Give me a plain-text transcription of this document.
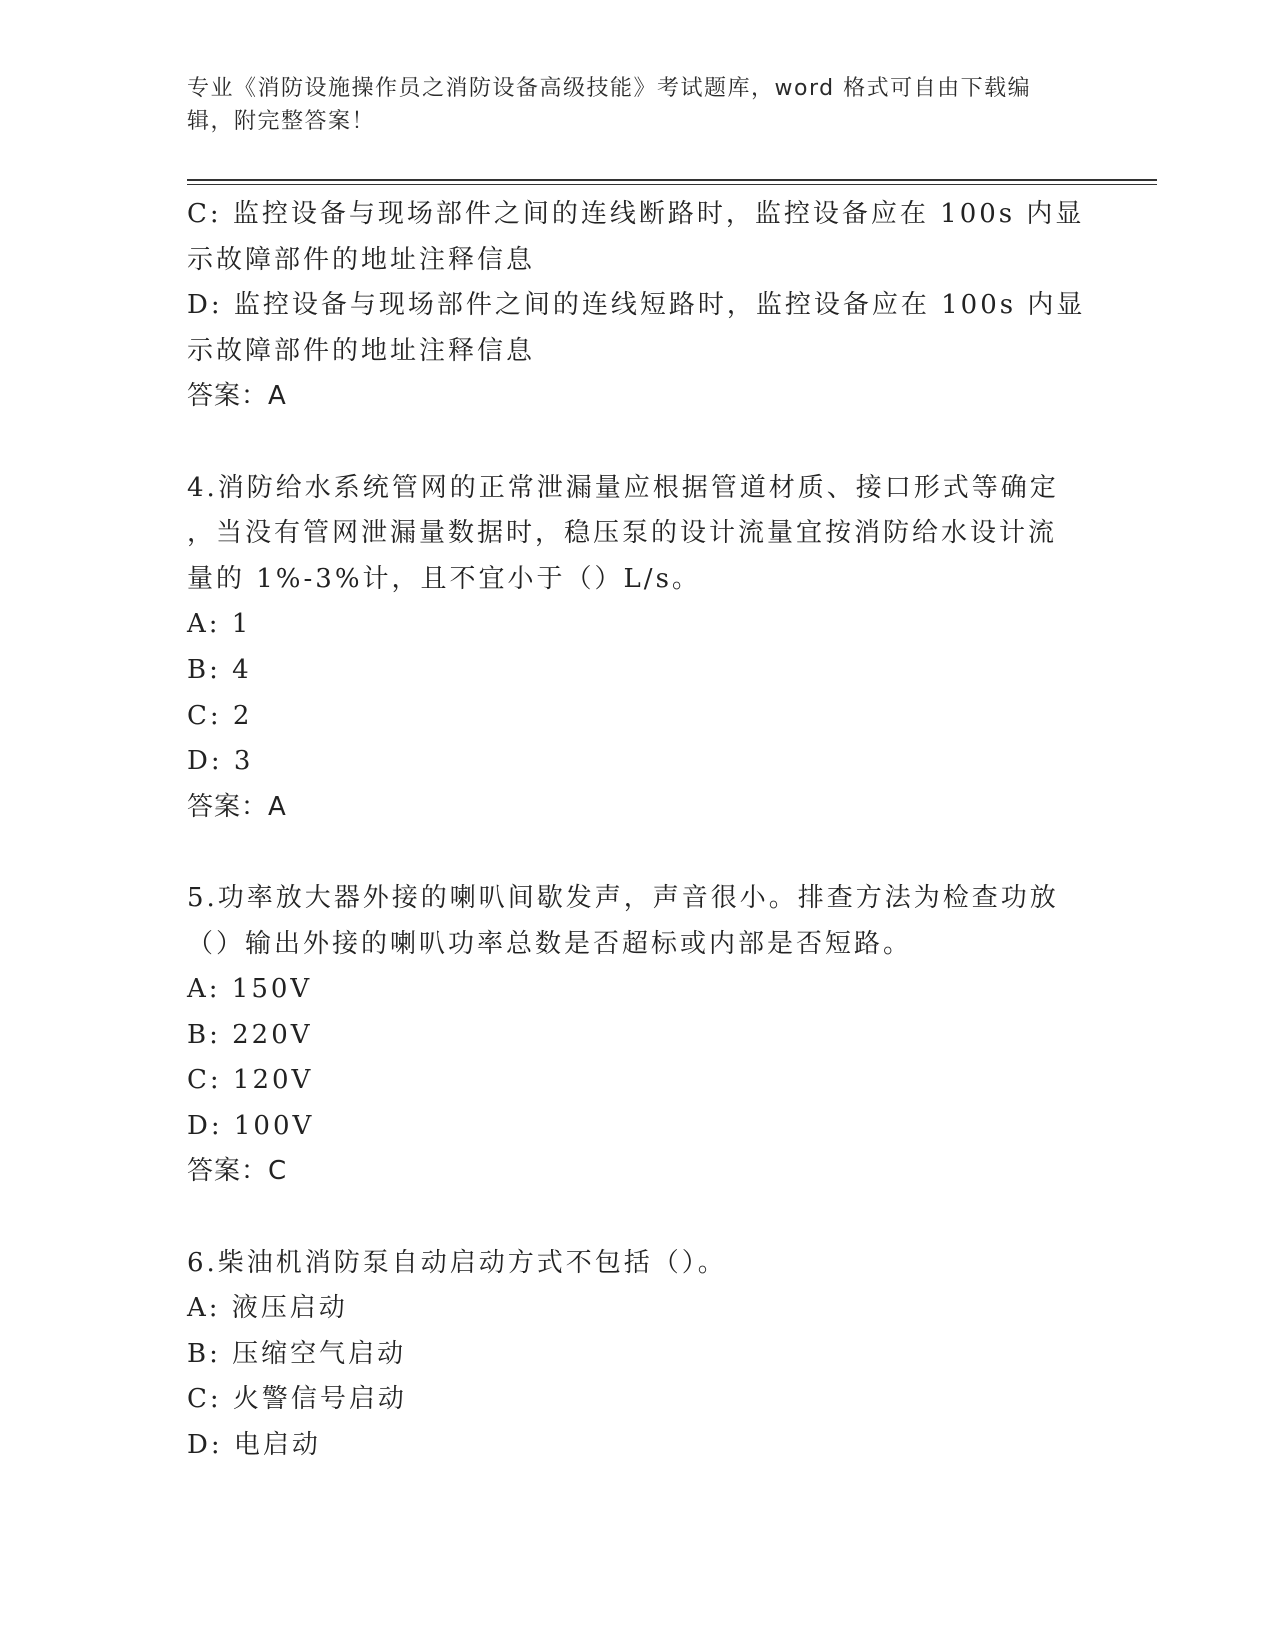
专业《消防设施操作员之消防设备高级技能》考试题库，word 格式可自由下载编
辑，附完整答案！
C: 监控设备与现场部件之间的连线断路时，监控设备应在 100s 内显
示故障部件的地址注释信息
D: 监控设备与现场部件之间的连线短路时，监控设备应在 100s 内显
示故障部件的地址注释信息
答案：A
4.消防给水系统管网的正常泄漏量应根据管道材质、接口形式等确定
，当没有管网泄漏量数据时，稳压泵的设计流量宜按消防给水设计流
量的 1%-3%计，且不宜小于（）L/s。
A: 1
B: 4
C: 2
D: 3
答案：A
5.功率放大器外接的喇叭间歇发声，声音很小。排查方法为检查功放
（）输出外接的喇叭功率总数是否超标或内部是否短路。
A: 150V
B: 220V
C: 120V
D: 100V
答案：C
6.柴油机消防泵自动启动方式不包括（）。
A: 液压启动
B: 压缩空气启动
C: 火警信号启动
D: 电启动
